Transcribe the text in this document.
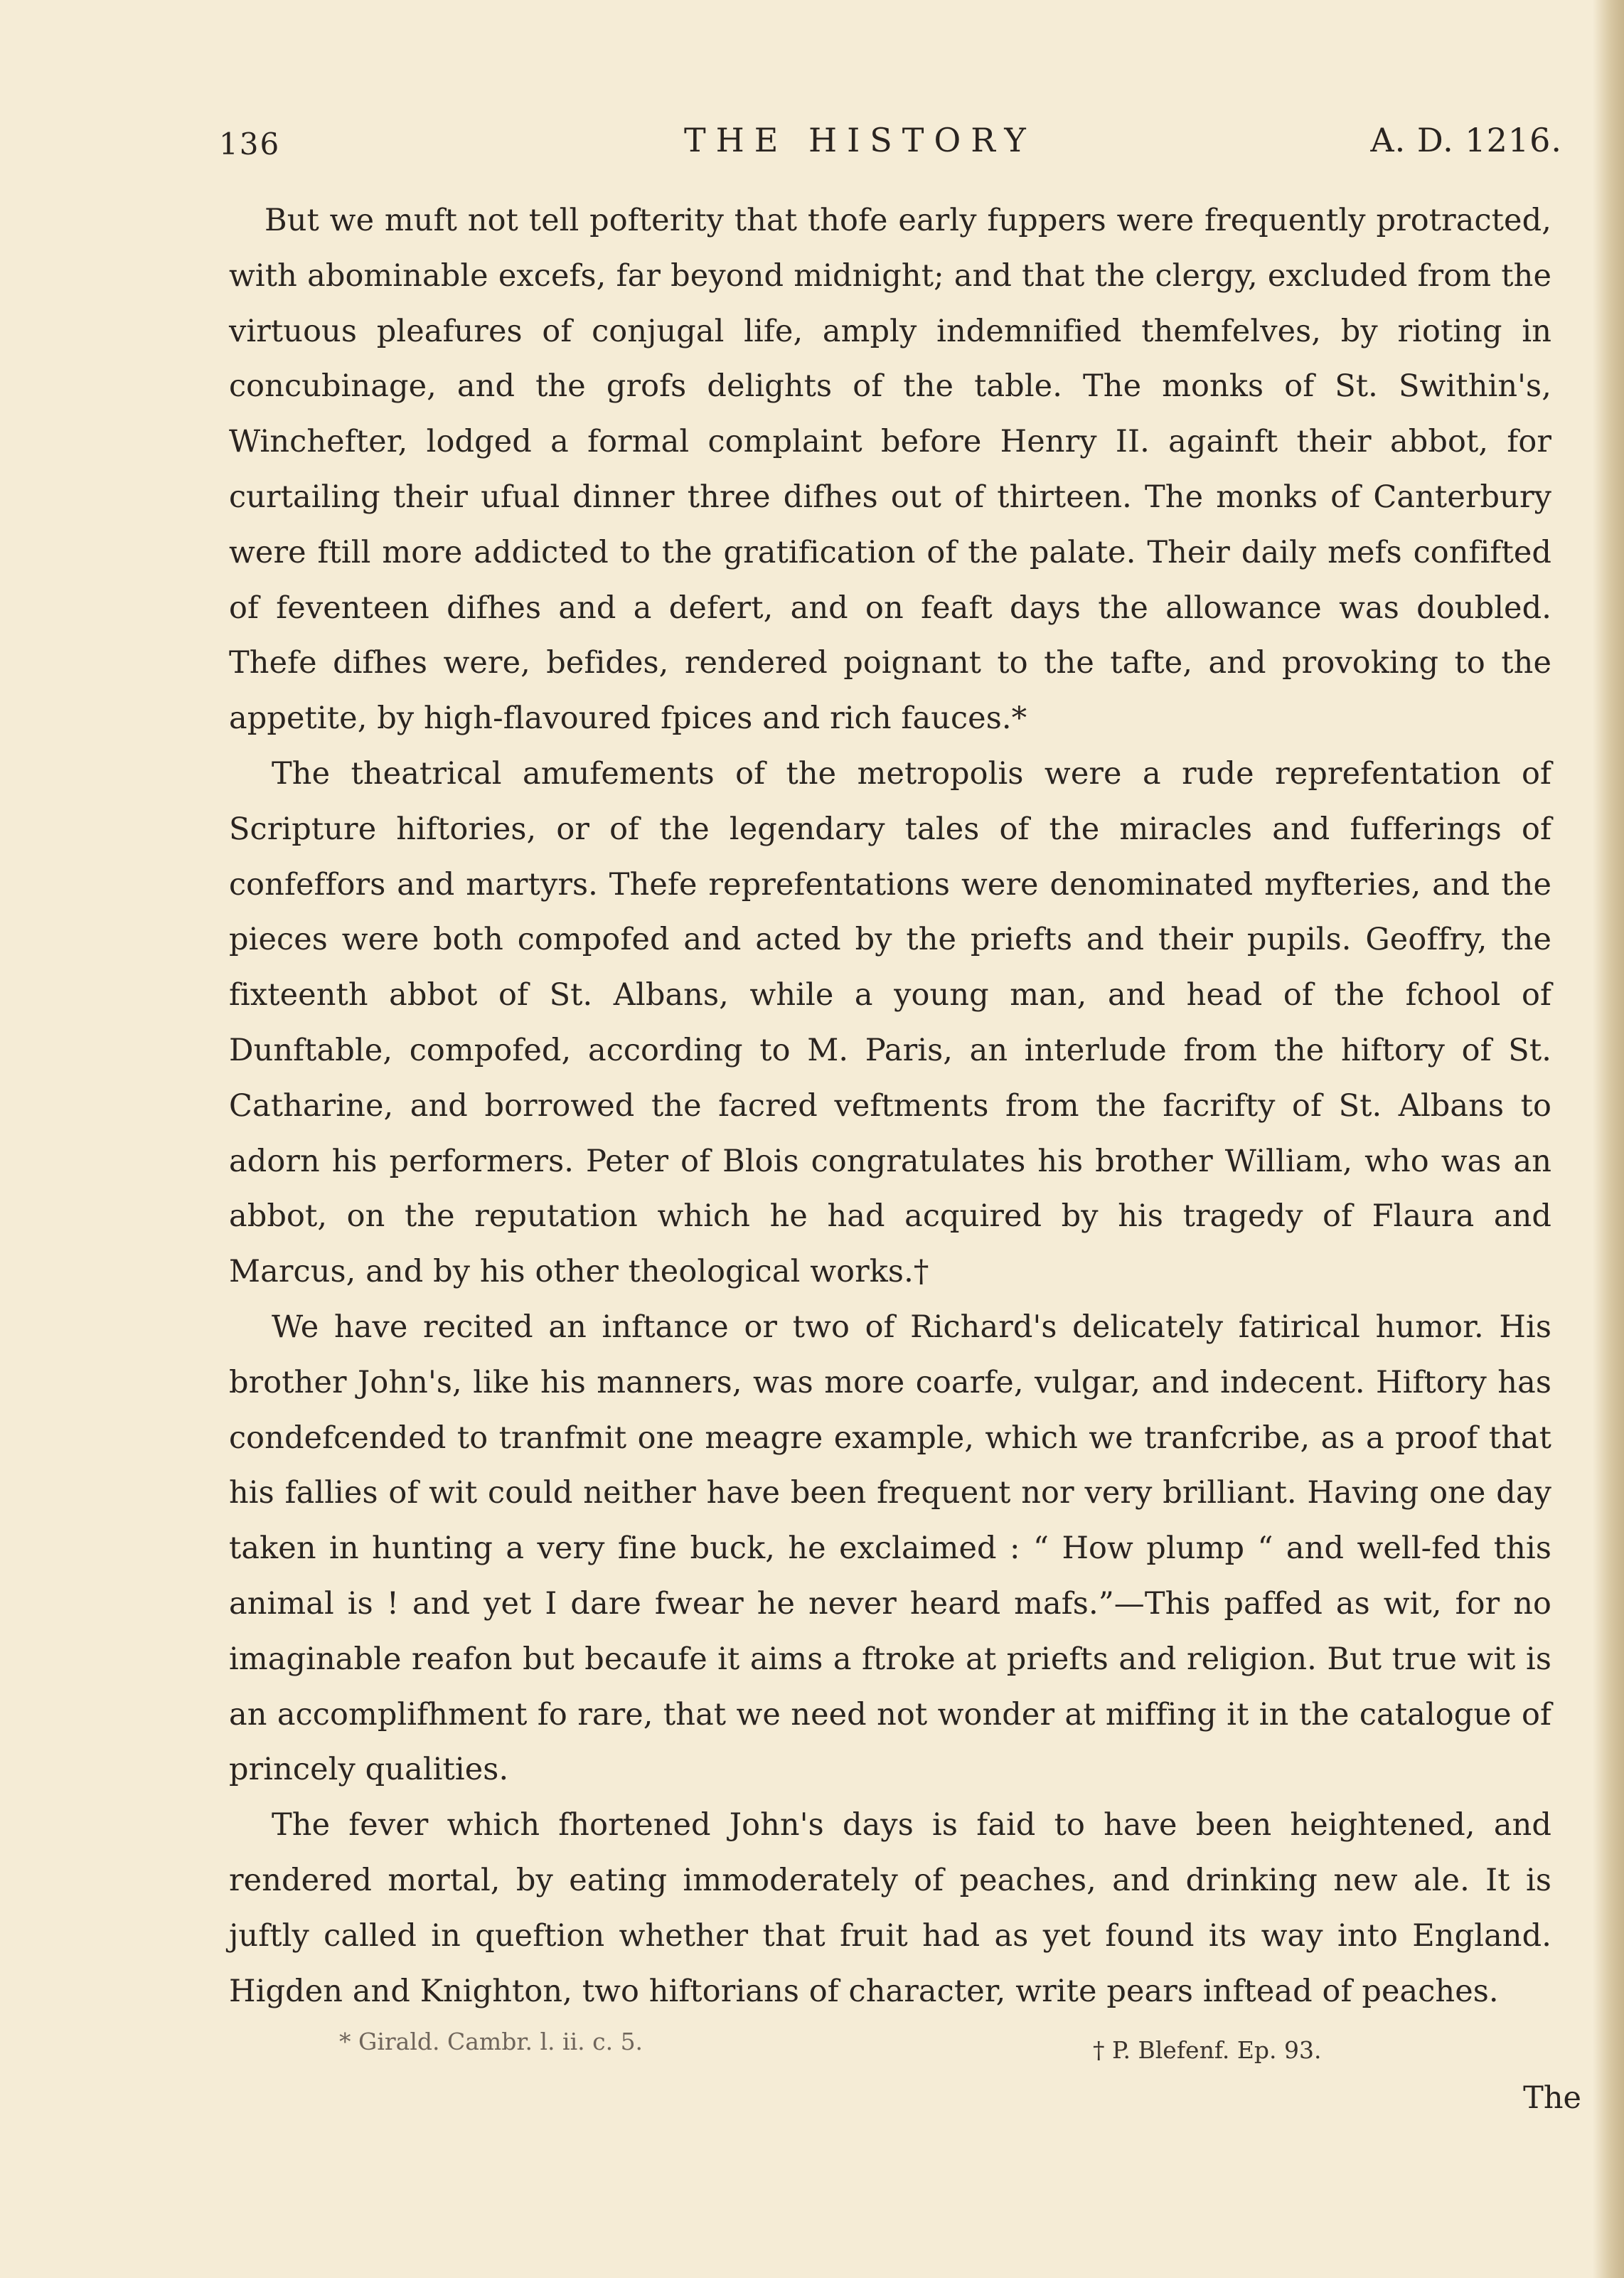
136	THE HISTORY	A. D. 1216.

But we muft not tell pofterity that thofe early fuppers were frequently protracted, with abominable excefs, far beyond midnight; and that the clergy, excluded from the virtuous pleafures of conjugal life, amply indemnified themfelves, by rioting in concubinage, and the grofs delights of the table. The monks of St. Swithin's, Winchefter, lodged a formal complaint before Henry II. againft their abbot, for curtailing their ufual dinner three difhes out of thirteen. The monks of Canterbury were ftill more addicted to the gratification of the palate. Their daily mefs confifted of feventeen difhes and a defert, and on feaft days the allowance was doubled. Thefe difhes were, befides, rendered poignant to the tafte, and provoking to the appetite, by high-flavoured fpices and rich fauces.*

The theatrical amufements of the metropolis were a rude reprefentation of Scripture hiftories, or of the legendary tales of the miracles and fufferings of confeffors and martyrs. Thefe reprefentations were denominated myfteries, and the pieces were both compofed and acted by the priefts and their pupils. Geoffry, the fixteenth abbot of St. Albans, while a young man, and head of the fchool of Dunftable, compofed, according to M. Paris, an interlude from the hiftory of St. Catharine, and borrowed the facred veftments from the facrifty of St. Albans to adorn his performers. Peter of Blois congratulates his brother William, who was an abbot, on the reputation which he had acquired by his tragedy of Flaura and Marcus, and by his other theological works.†

We have recited an inftance or two of Richard's delicately fatirical humor. His brother John's, like his manners, was more coarfe, vulgar, and indecent. Hiftory has condefcended to tranfmit one meagre example, which we tranfcribe, as a proof that his fallies of wit could neither have been frequent nor very brilliant. Having one day taken in hunting a very fine buck, he exclaimed : “ How plump “ and well-fed this animal is ! and yet I dare fwear he never heard mafs.”—This paffed as wit, for no imaginable reafon but becaufe it aims a ftroke at priefts and religion. But true wit is an accomplifhment fo rare, that we need not wonder at miffing it in the catalogue of princely qualities.

The fever which fhortened John's days is faid to have been heightened, and rendered mortal, by eating immoderately of peaches, and drinking new ale. It is juftly called in queftion whether that fruit had as yet found its way into England. Higden and Knighton, two hiftorians of character, write pears inftead of peaches.

* Girald. Cambr. l. ii. c. 5.	† P. Blefenf. Ep. 93.
The
